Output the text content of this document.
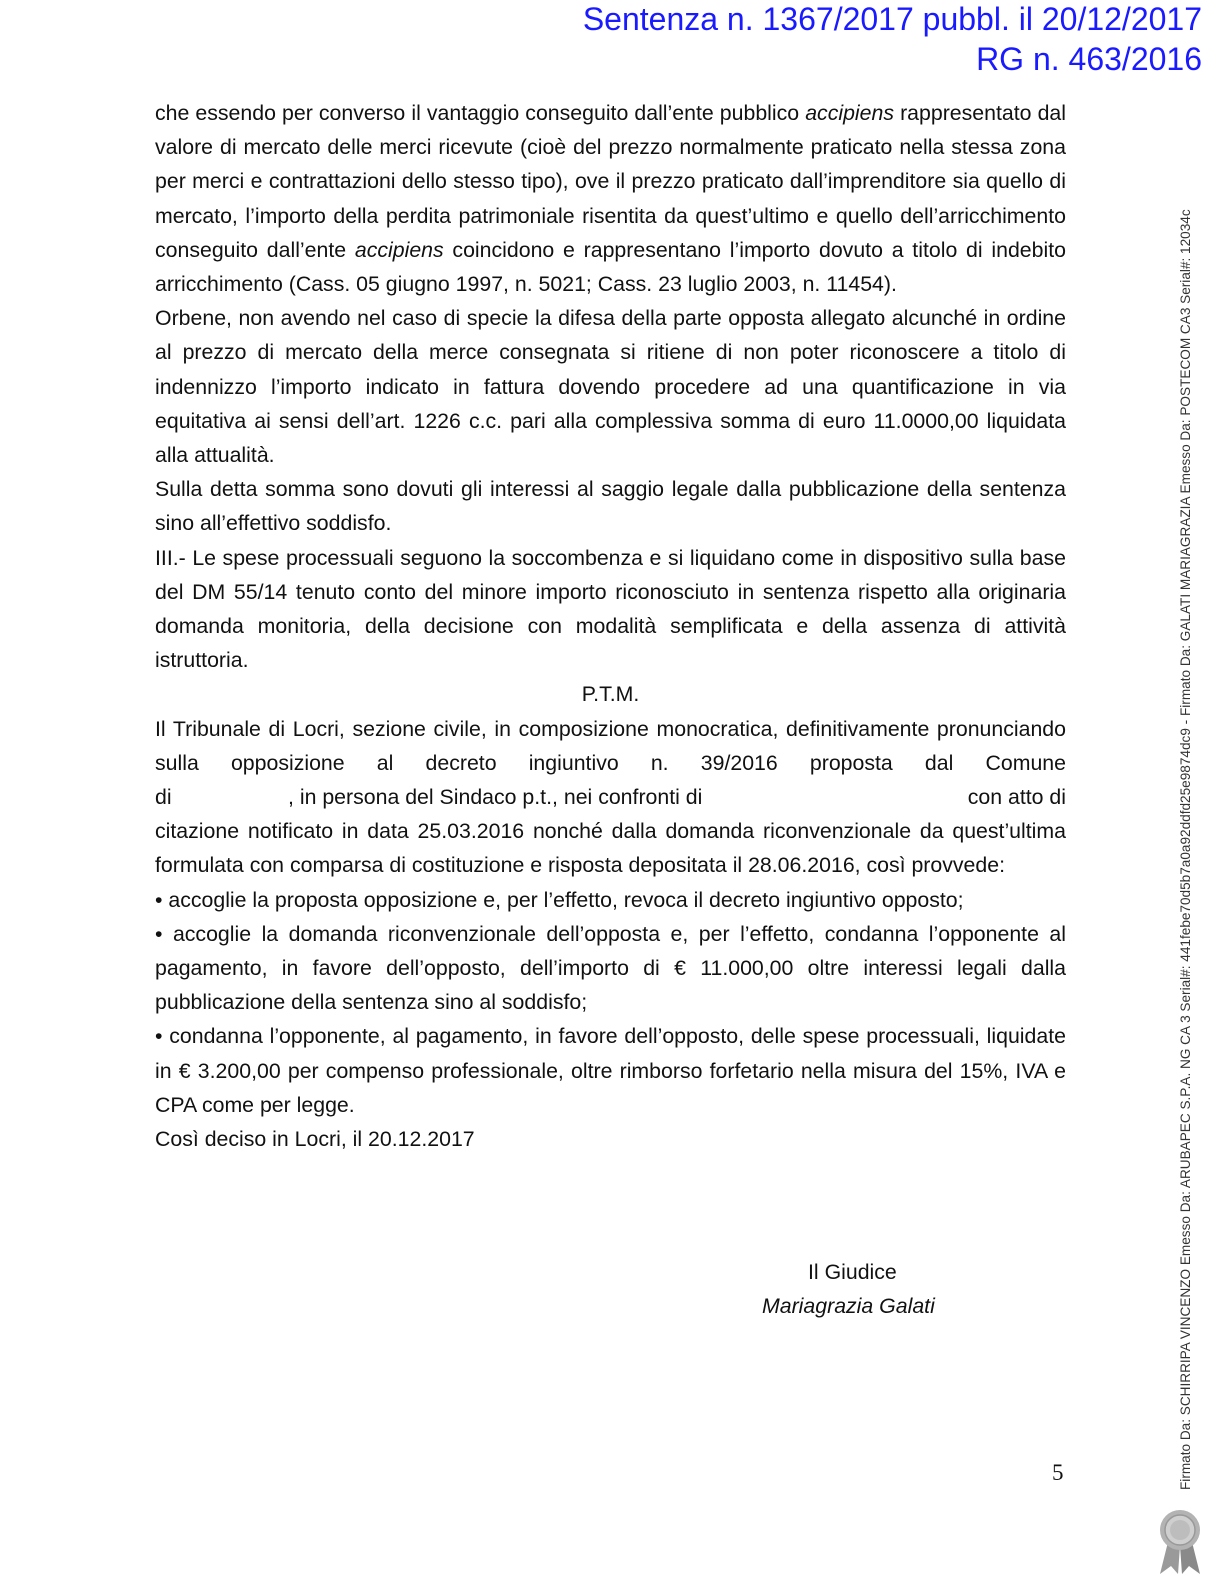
Sentenza n. 1367/2017 pubbl. il 20/12/2017
RG n. 463/2016

che essendo per converso il vantaggio conseguito dall’ente pubblico accipiens rappresentato dal valore di mercato delle merci ricevute (cioè del prezzo normalmente praticato nella stessa zona per merci e contrattazioni dello stesso tipo), ove il prezzo praticato dall’imprenditore sia quello di mercato, l’importo della perdita patrimoniale risentita da quest’ultimo e quello dell’arricchimento conseguito dall’ente accipiens coincidono e rappresentano l’importo dovuto a titolo di indebito arricchimento (Cass. 05 giugno 1997, n. 5021; Cass. 23 luglio 2003, n. 11454).

Orbene, non avendo nel caso di specie la difesa della parte opposta allegato alcunché in ordine al prezzo di mercato della merce consegnata si ritiene di non poter riconoscere a titolo di indennizzo l’importo indicato in fattura dovendo procedere ad una quantificazione in via equitativa ai sensi dell’art. 1226 c.c. pari alla complessiva somma di euro 11.0000,00 liquidata alla attualità.

Sulla detta somma sono dovuti gli interessi al saggio legale dalla pubblicazione della sentenza sino all’effettivo soddisfo.

III.- Le spese processuali seguono la soccombenza e si liquidano come in dispositivo sulla base del DM 55/14 tenuto conto del minore importo riconosciuto in sentenza rispetto alla originaria domanda monitoria, della decisione con modalità semplificata e della assenza di attività istruttoria.

P.T.M.

Il Tribunale di Locri, sezione civile, in composizione monocratica, definitivamente pronunciando sulla opposizione al decreto ingiuntivo n. 39/2016 proposta dal Comune

di	, in persona del Sindaco p.t., nei confronti di	con atto di

citazione notificato in data 25.03.2016 nonché dalla domanda riconvenzionale da quest’ultima formulata con comparsa di costituzione e risposta depositata il 28.06.2016, così provvede:

• accoglie la proposta opposizione e, per l’effetto, revoca il decreto ingiuntivo opposto;

• accoglie la domanda riconvenzionale dell’opposta e, per l’effetto, condanna l’opponente al pagamento, in favore dell’opposto, dell’importo di € 11.000,00 oltre interessi legali dalla pubblicazione della sentenza sino al soddisfo;

• condanna l’opponente, al pagamento, in favore dell’opposto, delle spese processuali, liquidate in € 3.200,00 per compenso professionale, oltre rimborso forfetario nella misura del 15%, IVA e CPA come per legge.

Così deciso in Locri, il 20.12.2017

Il Giudice
Mariagrazia Galati
5	Firmato Da: SCHIRRIPA VINCENZO Emesso Da: ARUBAPEC S.P.A. NG CA 3 Serial#: 441febe70d5b7a0a92ddfd25e9874dc9 - Firmato Da: GALATI MARIAGRAZIA Emesso Da: POSTECOM CA3 Serial#: 12034c
